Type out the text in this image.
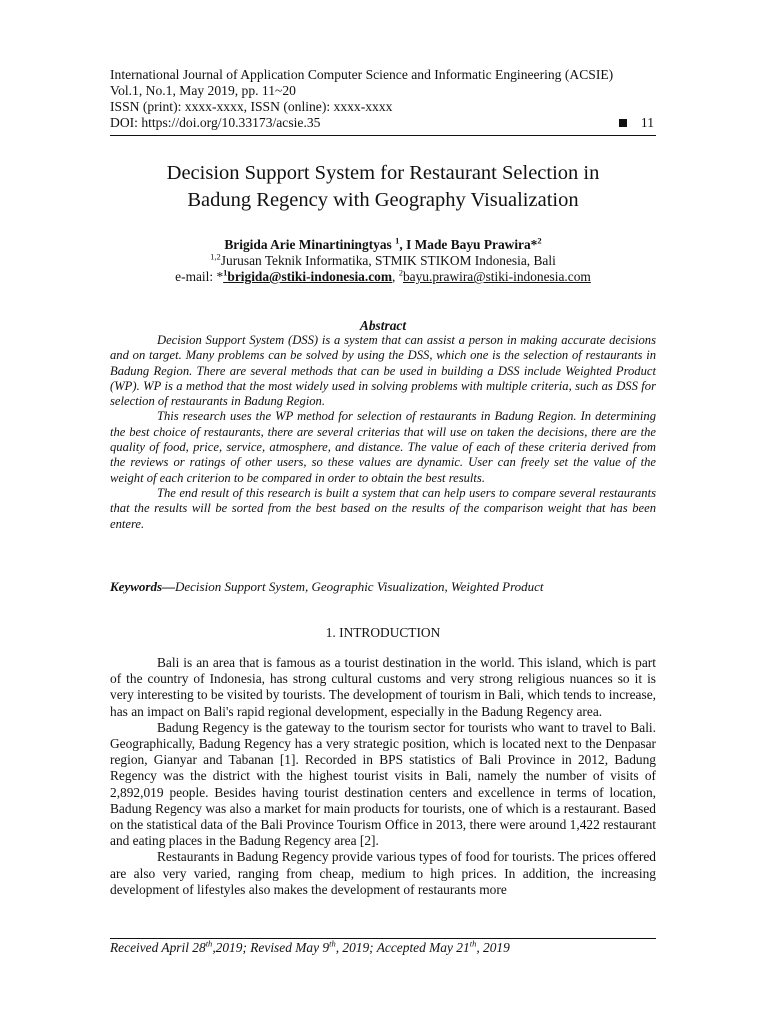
International Journal of Application Computer Science and Informatic Engineering (ACSIE)
Vol.1, No.1, May 2019, pp. 11~20
ISSN (print): xxxx-xxxx, ISSN (online): xxxx-xxxx
DOI: https://doi.org/10.33173/acsie.35	11
Decision Support System for Restaurant Selection in
Badung Regency with Geography Visualization
Brigida Arie Minartiningtyas $^1$, I Made Bayu Prawira*$^2$
$^{1,2}$Jurusan Teknik Informatika, STMIK STIKOM Indonesia, Bali
e-mail: *$^1$brigida@stiki-indonesia.com, $^2$bayu.prawira@stiki-indonesia.com
Abstract

Decision Support System (DSS) is a system that can assist a person in making accurate decisions and on target. Many problems can be solved by using the DSS, which one is the selection of restaurants in Badung Region. There are several methods that can be used in building a DSS include Weighted Product (WP). WP is a method that the most widely used in solving problems with multiple criteria, such as DSS for selection of restaurants in Badung Region.

This research uses the WP method for selection of restaurants in Badung Region. In determining the best choice of restaurants, there are several criterias that will use on taken the decisions, there are the quality of food, price, service, atmosphere, and distance. The value of each of these criteria derived from the reviews or ratings of other users, so these values are dynamic. User can freely set the value of the weight of each criterion to be compared in order to obtain the best results.

The end result of this research is built a system that can help users to compare several restaurants that the results will be sorted from the best based on the results of the comparison weight that has been entere.

Keywords—Decision Support System, Geographic Visualization, Weighted Product
1. INTRODUCTION

Bali is an area that is famous as a tourist destination in the world. This island, which is part of the country of Indonesia, has strong cultural customs and very strong religious nuances so it is very interesting to be visited by tourists. The development of tourism in Bali, which tends to increase, has an impact on Bali's rapid regional development, especially in the Badung Regency area.

Badung Regency is the gateway to the tourism sector for tourists who want to travel to Bali. Geographically, Badung Regency has a very strategic position, which is located next to the Denpasar region, Gianyar and Tabanan [1]. Recorded in BPS statistics of Bali Province in 2012, Badung Regency was the district with the highest tourist visits in Bali, namely the number of visits of 2,892,019 people. Besides having tourist destination centers and excellence in terms of location, Badung Regency was also a market for main products for tourists, one of which is a restaurant. Based on the statistical data of the Bali Province Tourism Office in 2013, there were around 1,422 restaurant and eating places in the Badung Regency area [2].

Restaurants in Badung Regency provide various types of food for tourists. The prices offered are also very varied, ranging from cheap, medium to high prices. In addition, the increasing development of lifestyles also makes the development of restaurants more

Received April 28th,2019; Revised May 9th, 2019; Accepted May 21th, 2019
